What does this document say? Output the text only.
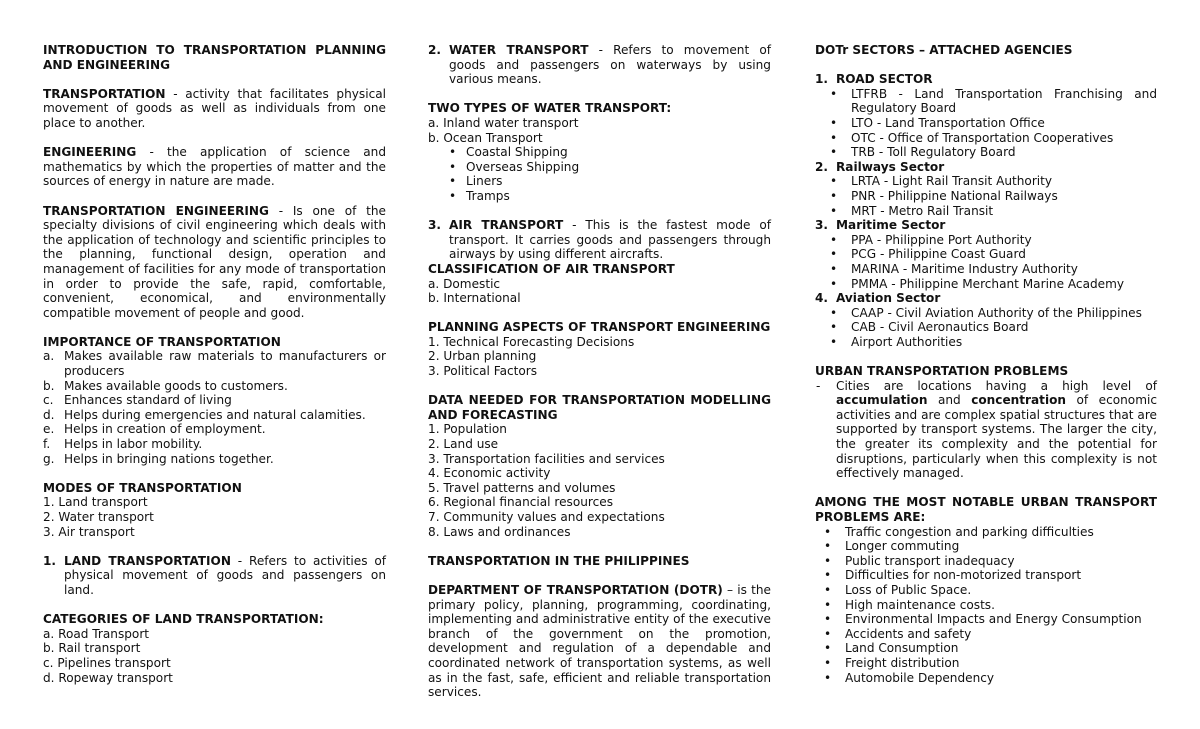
INTRODUCTION TO TRANSPORTATION PLANNING AND ENGINEERING

TRANSPORTATION - activity that facilitates physical movement of goods as well as individuals from one place to another.

ENGINEERING - the application of science and mathematics by which the properties of matter and the sources of energy in nature are made.

TRANSPORTATION ENGINEERING - Is one of the specialty divisions of civil engineering which deals with the application of technology and scientific principles to the planning, functional design, operation and management of facilities for any mode of transportation in order to provide the safe, rapid, comfortable, convenient, economical, and environmentally compatible movement of people and good.

IMPORTANCE OF TRANSPORTATION

a. Makes available raw materials to manufacturers or producers
b. Makes available goods to customers.
c. Enhances standard of living
d. Helps during emergencies and natural calamities.
e. Helps in creation of employment.
f. Helps in labor mobility.
g. Helps in bringing nations together.

MODES OF TRANSPORTATION

1. Land transport

2. Water transport

3. Air transport

1. LAND TRANSPORTATION - Refers to activities of physical movement of goods and passengers on land.

CATEGORIES OF LAND TRANSPORTATION:

a. Road Transport

b. Rail transport

c. Pipelines transport

d. Ropeway transport

2. WATER TRANSPORT - Refers to movement of goods and passengers on waterways by using various means.

TWO TYPES OF WATER TRANSPORT:

a. Inland water transport

b. Ocean Transport

• Coastal Shipping
• Overseas Shipping
• Liners
• Tramps
3. AIR TRANSPORT - This is the fastest mode of transport. It carries goods and passengers through airways by using different aircrafts.

CLASSIFICATION OF AIR TRANSPORT

a. Domestic

b. International

PLANNING ASPECTS OF TRANSPORT ENGINEERING

1. Technical Forecasting Decisions

2. Urban planning

3. Political Factors

DATA NEEDED FOR TRANSPORTATION MODELLING AND FORECASTING

1. Population

2. Land use

3. Transportation facilities and services

4. Economic activity

5. Travel patterns and volumes

6. Regional financial resources

7. Community values and expectations

8. Laws and ordinances

TRANSPORTATION IN THE PHILIPPINES

DEPARTMENT OF TRANSPORTATION (DOTR) – is the primary policy, planning, programming, coordinating, implementing and administrative entity of the executive branch of the government on the promotion, development and regulation of a dependable and coordinated network of transportation systems, as well as in the fast, safe, efficient and reliable transportation services.

DOTr SECTORS – ATTACHED AGENCIES

1. ROAD SECTOR
• LTFRB - Land Transportation Franchising and Regulatory Board
• LTO - Land Transportation Office
• OTC - Office of Transportation Cooperatives
• TRB - Toll Regulatory Board
2. Railways Sector
• LRTA - Light Rail Transit Authority
• PNR - Philippine National Railways
• MRT - Metro Rail Transit
3. Maritime Sector
• PPA - Philippine Port Authority
• PCG - Philippine Coast Guard
• MARINA - Maritime Industry Authority
• PMMA - Philippine Merchant Marine Academy
4. Aviation Sector
• CAAP - Civil Aviation Authority of the Philippines
• CAB - Civil Aeronautics Board
• Airport Authorities

URBAN TRANSPORTATION PROBLEMS

- Cities are locations having a high level of accumulation and concentration of economic activities and are complex spatial structures that are supported by transport systems. The larger the city, the greater its complexity and the potential for disruptions, particularly when this complexity is not effectively managed.

AMONG THE MOST NOTABLE URBAN TRANSPORT PROBLEMS ARE:

• Traffic congestion and parking difficulties
• Longer commuting
• Public transport inadequacy
• Difficulties for non-motorized transport
• Loss of Public Space.
• High maintenance costs.
• Environmental Impacts and Energy Consumption
• Accidents and safety
• Land Consumption
• Freight distribution
• Automobile Dependency
